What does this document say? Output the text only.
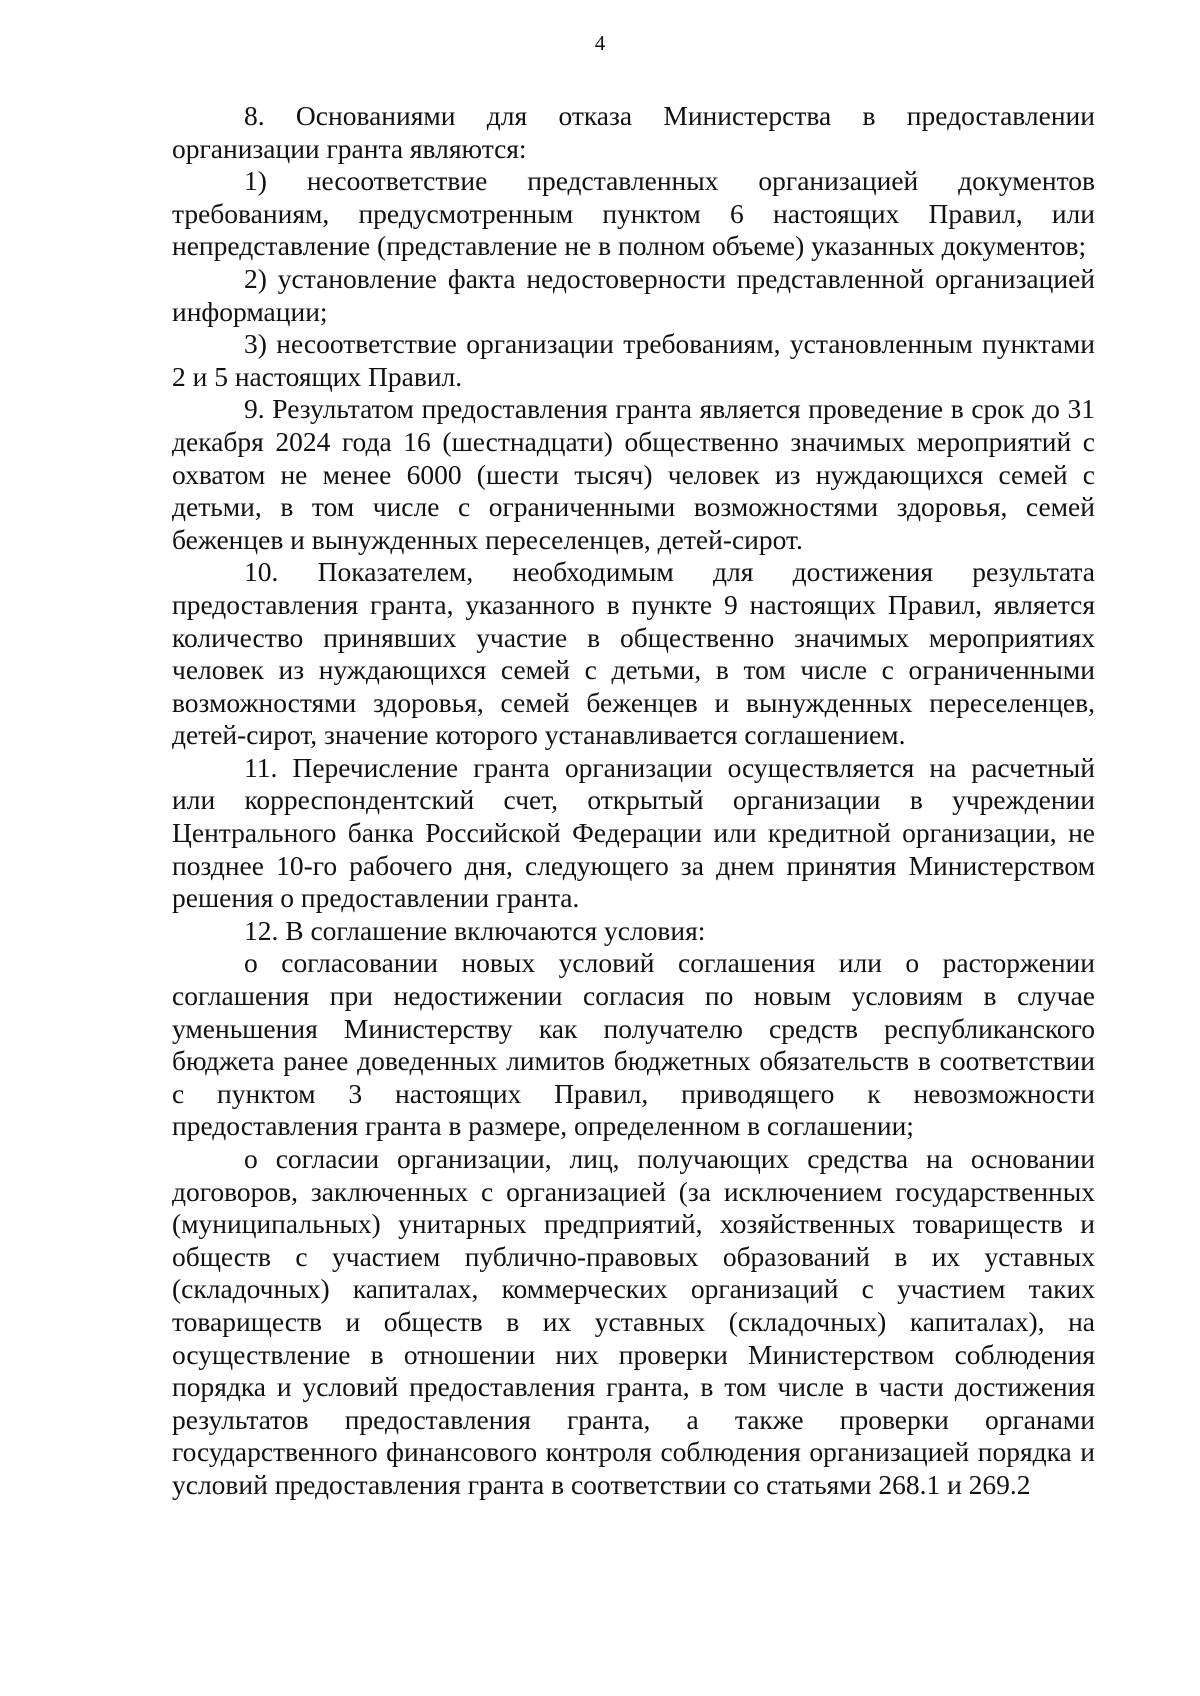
4

8. Основаниями для отказа Министерства в предоставлении организации гранта являются:

1) несоответствие представленных организацией документов требованиям, предусмотренным пунктом 6 настоящих Правил, или непредставление (представление не в полном объеме) указанных документов;

2) установление факта недостоверности представленной организацией информации;

3) несоответствие организации требованиям, установленным пунктами 2 и 5 настоящих Правил.

9. Результатом предоставления гранта является проведение в срок до 31 декабря 2024 года 16 (шестнадцати) общественно значимых мероприятий с охватом не менее 6000 (шести тысяч) человек из нуждающихся семей с детьми, в том числе с ограниченными возможностями здоровья, семей беженцев и вынужденных переселенцев, детей-сирот.

10. Показателем, необходимым для достижения результата предоставления гранта, указанного в пункте 9 настоящих Правил, является количество принявших участие в общественно значимых мероприятиях человек из нуждающихся семей с детьми, в том числе с ограниченными возможностями здоровья, семей беженцев и вынужденных переселенцев, детей-сирот, значение которого устанавливается соглашением.

11. Перечисление гранта организации осуществляется на расчетный или корреспондентский счет, открытый организации в учреждении Центрального банка Российской Федерации или кредитной организации, не позднее 10-го рабочего дня, следующего за днем принятия Министерством решения о предоставлении гранта.

12. В соглашение включаются условия:

о согласовании новых условий соглашения или о расторжении соглашения при недостижении согласия по новым условиям в случае уменьшения Министерству как получателю средств республиканского бюджета ранее доведенных лимитов бюджетных обязательств в соответствии с пунктом 3 настоящих Правил, приводящего к невозможности предоставления гранта в размере, определенном в соглашении;

о согласии организации, лиц, получающих средства на основании договоров, заключенных с организацией (за исключением государственных (муниципальных) унитарных предприятий, хозяйственных товариществ и обществ с участием публично-правовых образований в их уставных (складочных) капиталах, коммерческих организаций с участием таких товариществ и обществ в их уставных (складочных) капиталах), на осуществление в отношении них проверки Министерством соблюдения порядка и условий предоставления гранта, в том числе в части достижения результатов предоставления гранта, а также проверки органами государственного финансового контроля соблюдения организацией порядка и условий предоставления гранта в соответствии со статьями 268.1 и 269.2
